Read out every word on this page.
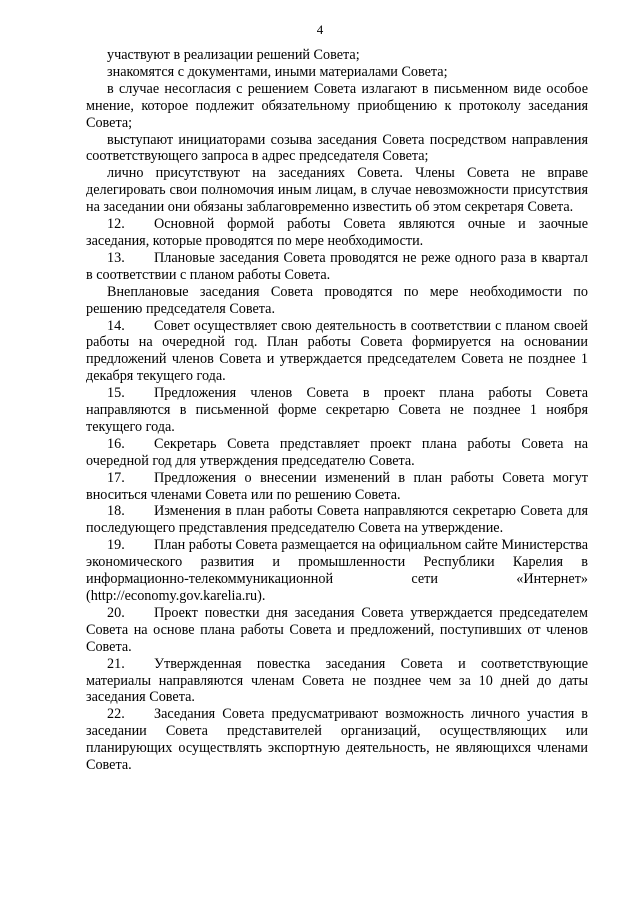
4

участвуют в реализации решений Совета;

знакомятся с документами, иными материалами Совета;

в случае несогласия с решением Совета излагают в письменном виде особое мнение, которое подлежит обязательному приобщению к протоколу заседания Совета;

выступают инициаторами созыва заседания Совета посредством направления соответствующего запроса в адрес председателя Совета;

лично присутствуют на заседаниях Совета. Члены Совета не вправе делегировать свои полномочия иным лицам, в случае невозможности присутствия на заседании они обязаны заблаговременно известить об этом секретаря Совета.

12. Основной формой работы Совета являются очные и заочные заседания, которые проводятся по мере необходимости.

13. Плановые заседания Совета проводятся не реже одного раза в квартал в соответствии с планом работы Совета.

Внеплановые заседания Совета проводятся по мере необходимости по решению председателя Совета.

14. Совет осуществляет свою деятельность в соответствии с планом своей работы на очередной год. План работы Совета формируется на основании предложений членов Совета и утверждается председателем Совета не позднее 1 декабря текущего года.

15. Предложения членов Совета в проект плана работы Совета направляются в письменной форме секретарю Совета не позднее 1 ноября текущего года.

16. Секретарь Совета представляет проект плана работы Совета на очередной год для утверждения председателю Совета.

17. Предложения о внесении изменений в план работы Совета могут вноситься членами Совета или по решению Совета.

18. Изменения в план работы Совета направляются секретарю Совета для последующего представления председателю Совета на утверждение.

19. План работы Совета размещается на официальном сайте Министерства экономического развития и промышленности Республики Карелия в информационно-телекоммуникационной сети «Интернет» (http://economy.gov.karelia.ru).

20. Проект повестки дня заседания Совета утверждается председателем Совета на основе плана работы Совета и предложений, поступивших от членов Совета.

21. Утвержденная повестка заседания Совета и соответствующие материалы направляются членам Совета не позднее чем за 10 дней до даты заседания Совета.

22. Заседания Совета предусматривают возможность личного участия в заседании Совета представителей организаций, осуществляющих или планирующих осуществлять экспортную деятельность, не являющихся членами Совета.
